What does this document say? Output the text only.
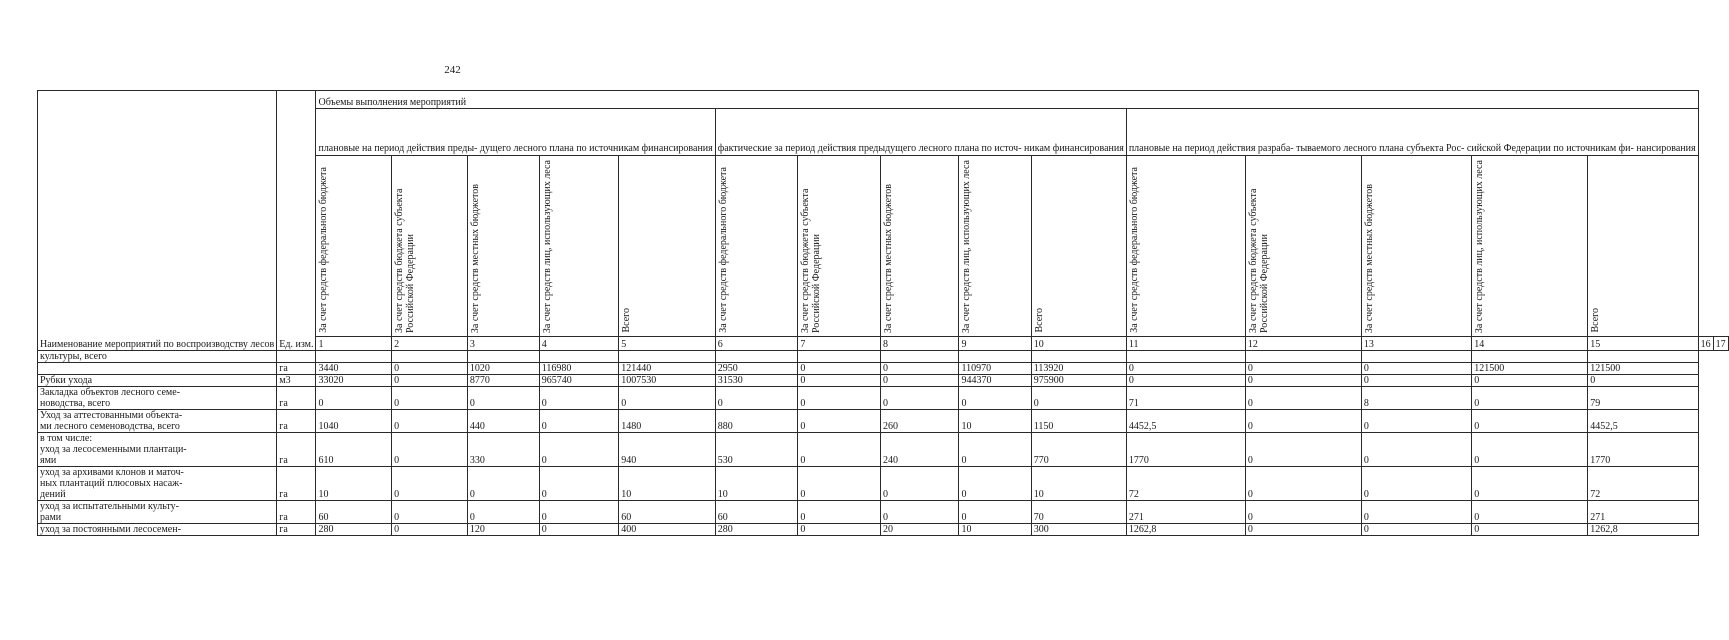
242
Наименование мероприятий по воспроизводству лесов	Ед. изм.	Объемы выполнения мероприятий																
		плановые на период действия преды- дущего лесного плана по источникам финансирования					фактические за период действия предыдущего лесного плана по источ- никам финансирования					плановые на период действия разраба- тываемого лесного плана субъекта Рос- сийской Федерации по источникам фи- нансирования						
		За счет средств федерального бюджета	За счет средств бюджета субъекта Российской Федерации	За счет средств местных бюджетов	За счет средств лиц, использующих леса	Всего	За счет средств федерального бюджета	За счет средств бюджета субъекта Российской Федерации	За счет средств местных бюджетов	За счет средств лиц, использующих леса	Всего	За счет средств федерального бюджета	За счет средств бюджета субъекта Российской Федерации	За счет средств местных бюджетов	За счет средств лиц, использующих леса	Всего		
		1	2	3	4	5	6	7	8	9	10	11	12	13	14	15	16	17

культуры, всего																		

	га	3440	0	1020	116980	121440	2950	0	0	110970	113920	0	0	0	121500	121500		

Рубки ухода	м3	33020	0	8770	965740	1007530	31530	0	0	944370	975900	0	0	0	0	0		

Закладка объектов лесного семе-
новодства, всего	га	0	0	0	0	0	0	0	0	0	0	71	0	8	0	79		

Уход за аттестованными объекта-
ми лесного семеноводства, всего	га	1040	0	440	0	1480	880	0	260	10	1150	4452,5	0	0	0	4452,5		

в том числе:
уход за лесосеменными плантаци-
ями	га	610	0	330	0	940	530	0	240	0	770	1770	0	0	0	1770		

уход за архивами клонов и маточ-
ных плантаций плюсовых насаж-
дений	га	10	0	0	0	10	10	0	0	0	10	72	0	0	0	72		

уход за испытательными культу-
рами	га	60	0	0	0	60	60	0	0	0	70	271	0	0	0	271		

уход за постоянными лесосемен-	га	280	0	120	0	400	280	0	20	10	300	1262,8	0	0	0	1262,8		
